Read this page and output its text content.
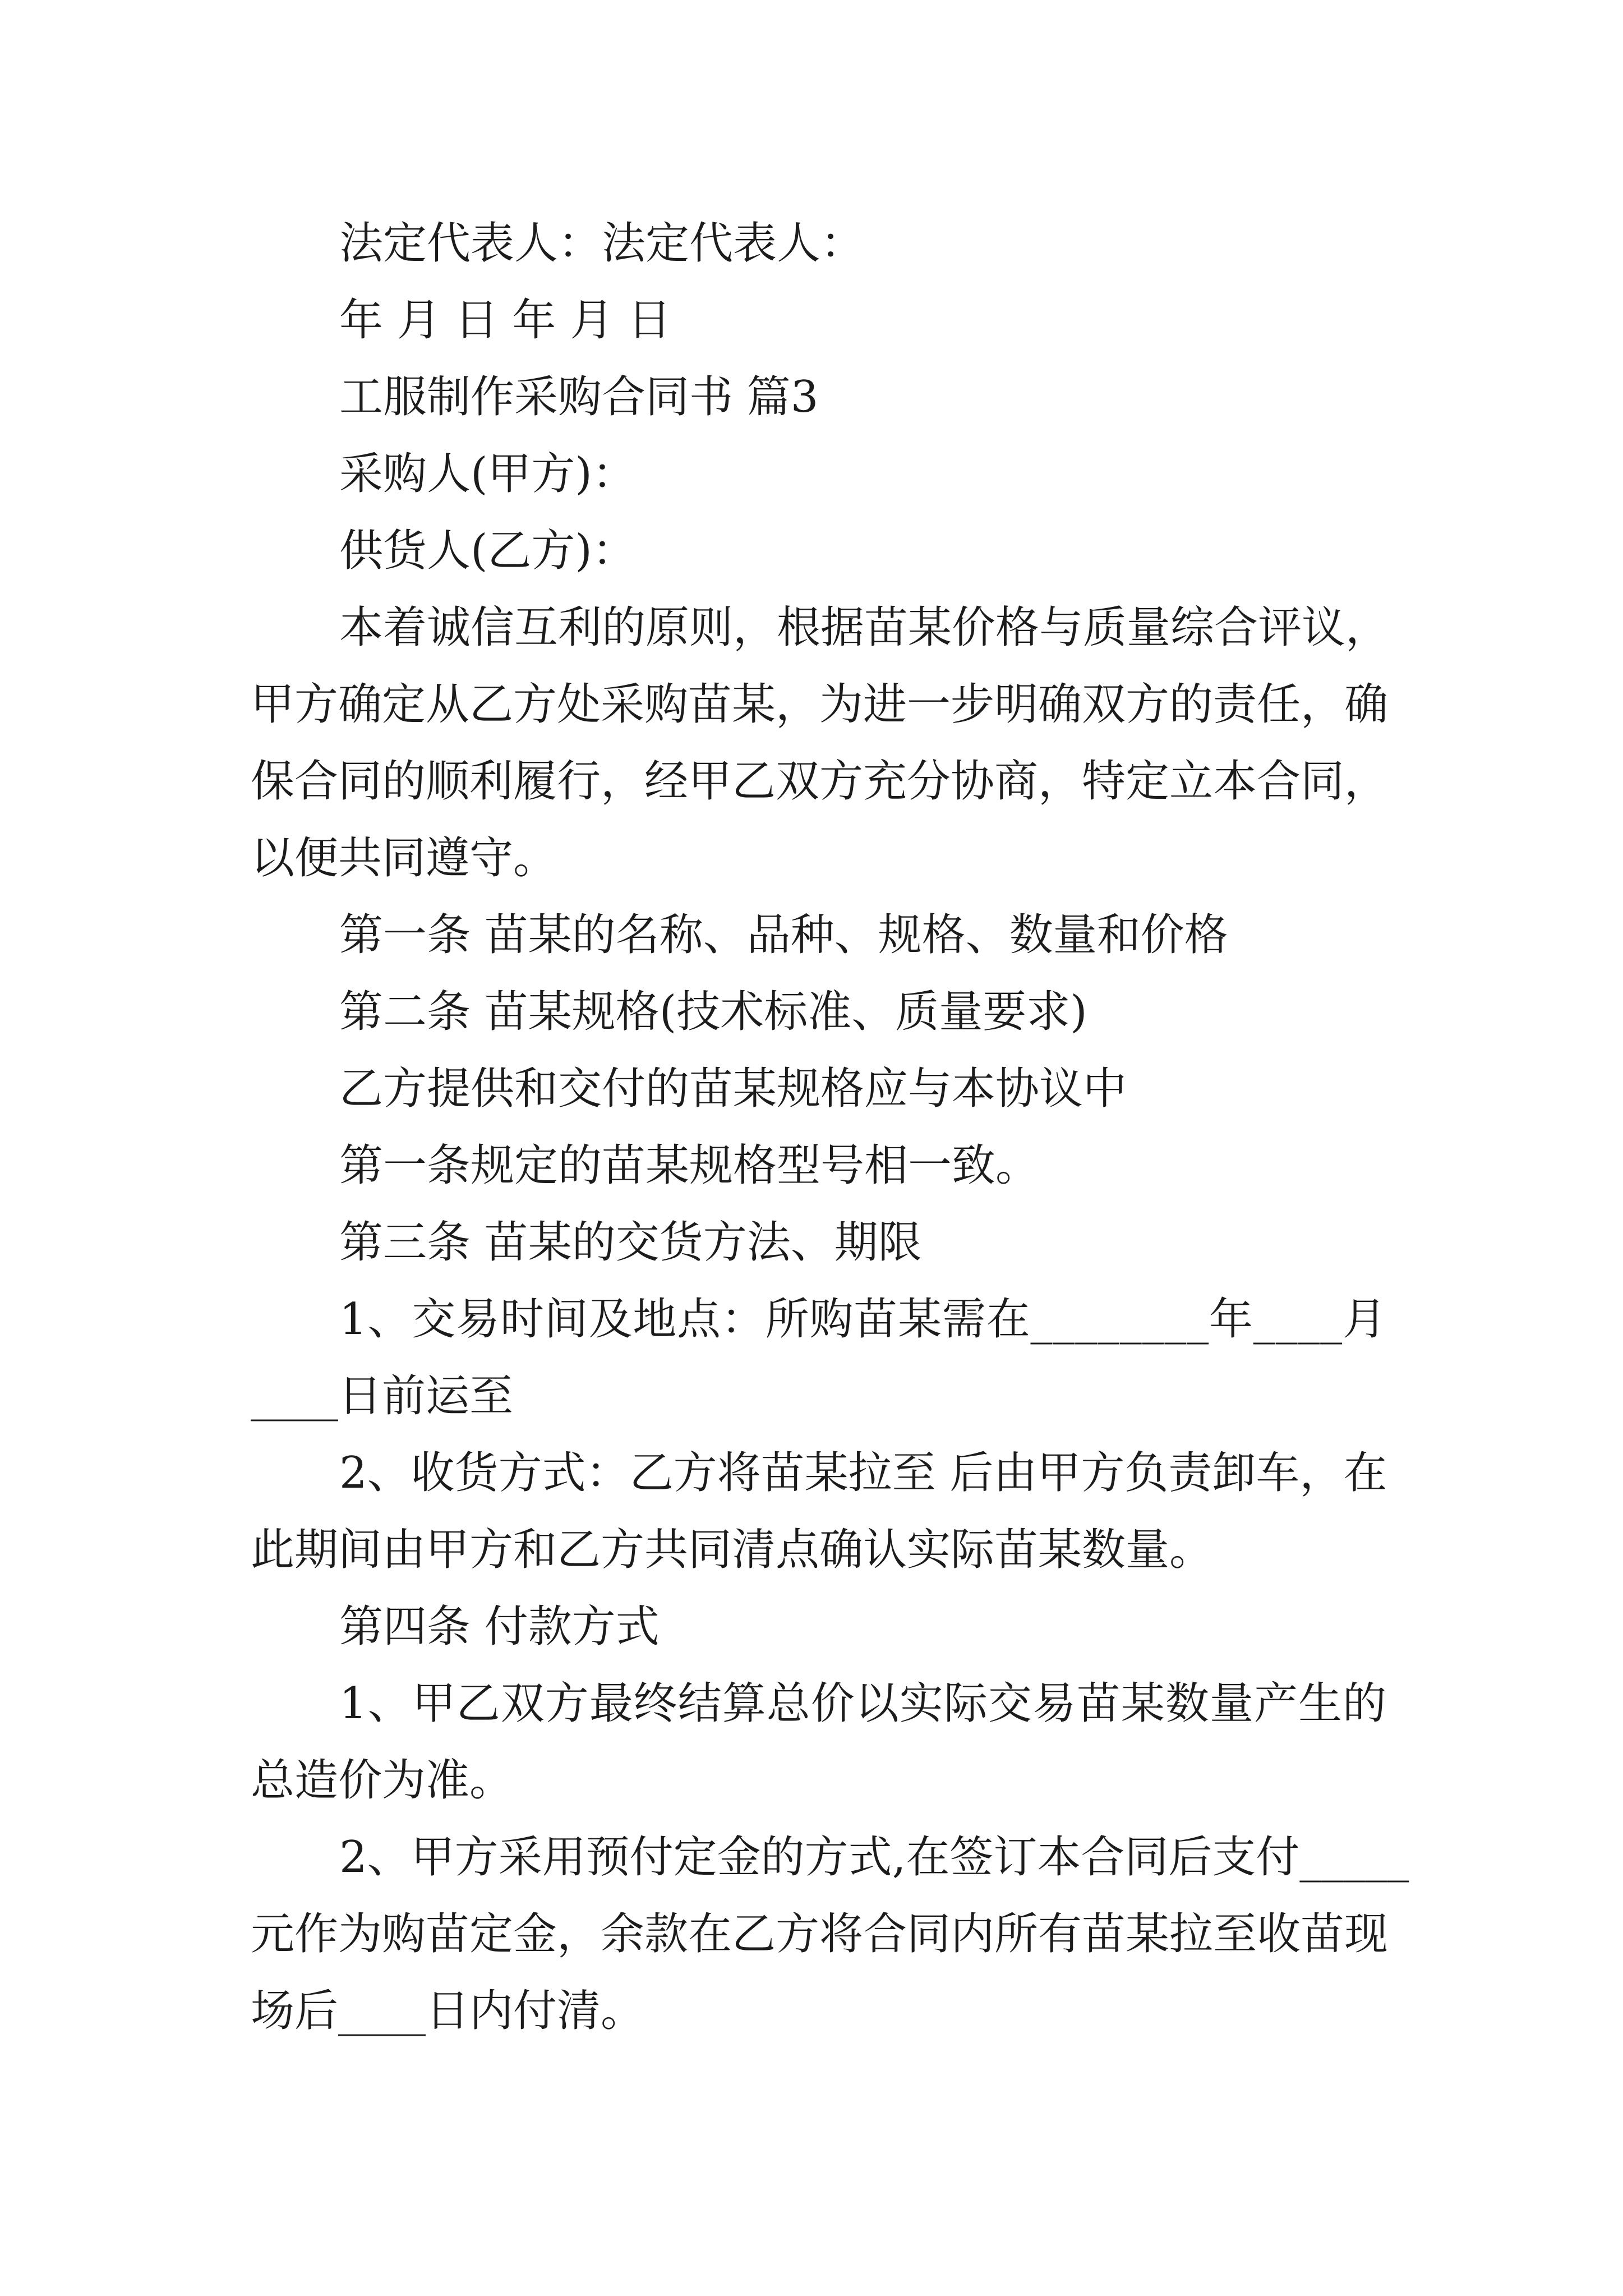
法定代表人：法定代表人：
年 月 日 年 月 日
工服制作采购合同书 篇3
采购人(甲方)：
供货人(乙方)：
本着诚信互利的原则，根据苗某价格与质量综合评议，
甲方确定从乙方处采购苗某，为进一步明确双方的责任，确
保合同的顺利履行，经甲乙双方充分协商，特定立本合同，
以便共同遵守。
第一条 苗某的名称、品种、规格、数量和价格
第二条 苗某规格(技术标准、质量要求)
乙方提供和交付的苗某规格应与本协议中
第一条规定的苗某规格型号相一致。
第三条 苗某的交货方法、期限
1、交易时间及地点：所购苗某需在________年____月
____日前运至
2、收货方式：乙方将苗某拉至 后由甲方负责卸车，在
此期间由甲方和乙方共同清点确认实际苗某数量。
第四条 付款方式
1、甲乙双方最终结算总价以实际交易苗某数量产生的
总造价为准。
2、甲方采用预付定金的方式,在签订本合同后支付_____
元作为购苗定金，余款在乙方将合同内所有苗某拉至收苗现
场后____日内付清。
